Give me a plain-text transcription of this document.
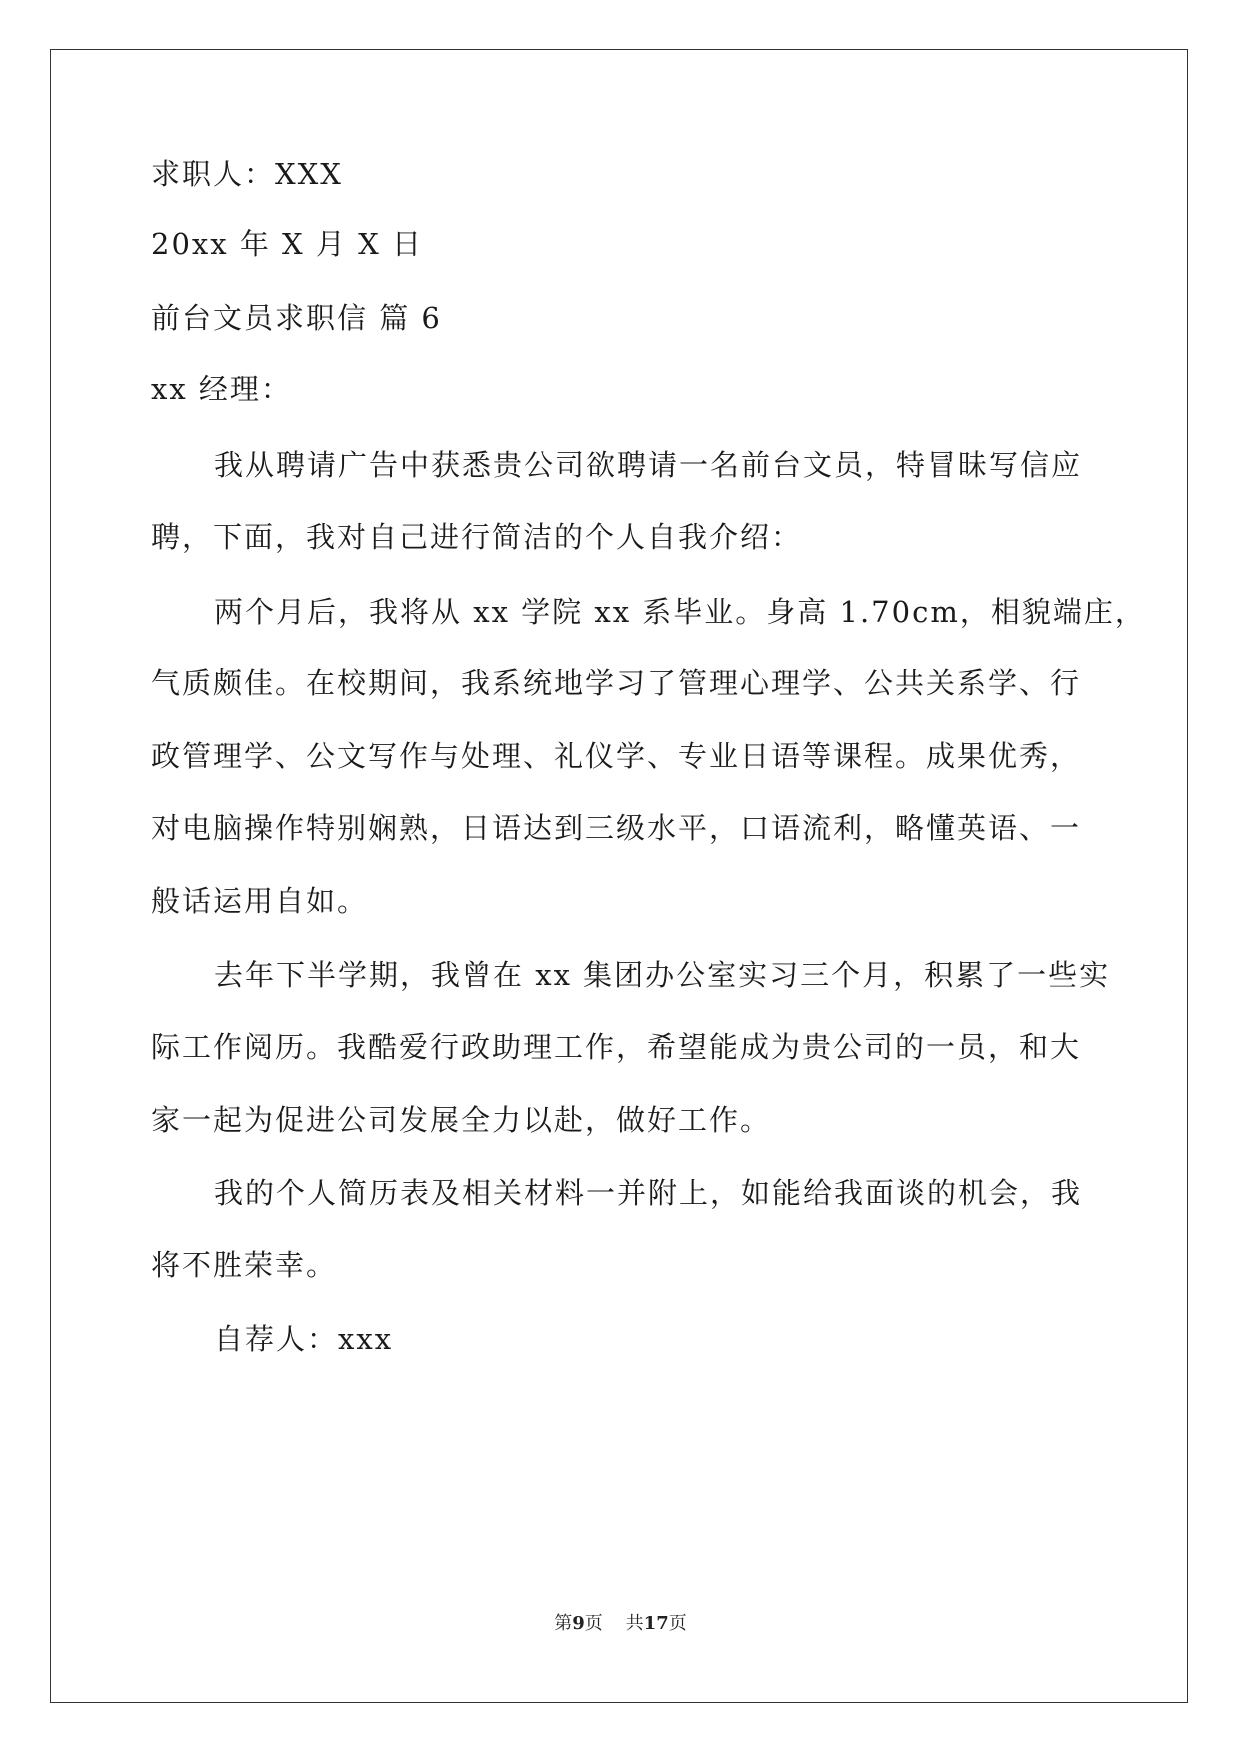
求职人：XXX
20xx 年 X 月 X 日
前台文员求职信 篇 6
xx 经理：
我从聘请广告中获悉贵公司欲聘请一名前台文员，特冒昧写信应
聘，下面，我对自己进行简洁的个人自我介绍：
两个月后，我将从 xx 学院 xx 系毕业。身高 1.70cm，相貌端庄，
气质颇佳。在校期间，我系统地学习了管理心理学、公共关系学、行
政管理学、公文写作与处理、礼仪学、专业日语等课程。成果优秀，
对电脑操作特别娴熟，日语达到三级水平，口语流利，略懂英语、一
般话运用自如。
去年下半学期，我曾在 xx 集团办公室实习三个月，积累了一些实
际工作阅历。我酷爱行政助理工作，希望能成为贵公司的一员，和大
家一起为促进公司发展全力以赴，做好工作。
我的个人简历表及相关材料一并附上，如能给我面谈的机会，我
将不胜荣幸。
自荐人：xxx
第9页 共17页
